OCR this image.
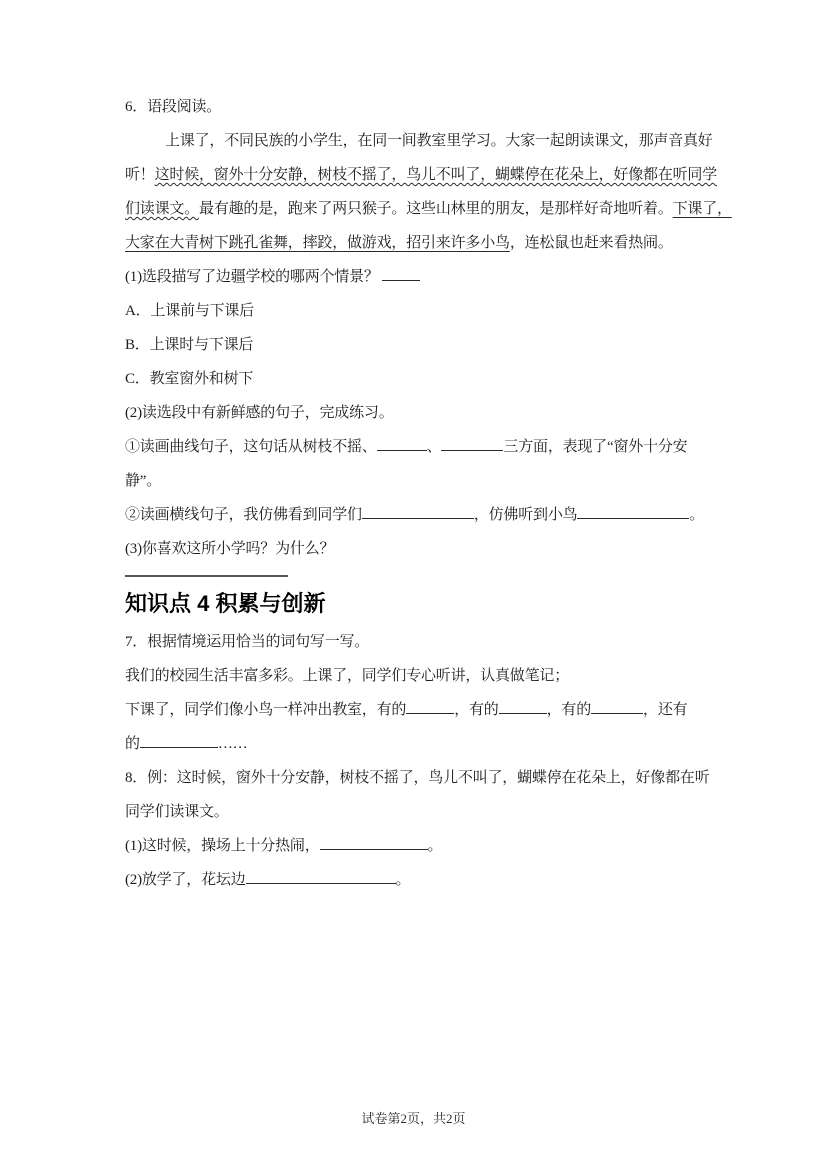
6．语段阅读。
上课了，不同民族的小学生，在同一间教室里学习。大家一起朗读课文，那声音真好
听！这时候，窗外十分安静，树枝不摇了，鸟儿不叫了，蝴蝶停在花朵上，好像都在听同学
们读课文。最有趣的是，跑来了两只猴子。这些山林里的朋友，是那样好奇地听着。下课了，
大家在大青树下跳孔雀舞，摔跤，做游戏，招引来许多小鸟，连松鼠也赶来看热闹。
(1)选段描写了边疆学校的哪两个情景？
A．上课前与下课后
B．上课时与下课后
C．教室窗外和树下
(2)读选段中有新鲜感的句子，完成练习。
①读画曲线句子，这句话从树枝不摇、	、	三方面，表现了“窗外十分安
静”。
②读画横线句子，我仿佛看到同学们	，仿佛听到小鸟	。
(3)你喜欢这所小学吗？为什么？
知识点 4 积累与创新
7．根据情境运用恰当的词句写一写。
我们的校园生活丰富多彩。上课了，同学们专心听讲，认真做笔记；
下课了，同学们像小鸟一样冲出教室，有的	，有的	，有的	，还有
的	……
8．例：这时候，窗外十分安静，树枝不摇了，鸟儿不叫了，蝴蝶停在花朵上，好像都在听
同学们读课文。
(1)这时候，操场上十分热闹，	。
(2)放学了，花坛边	。
试卷第2页，共2页
